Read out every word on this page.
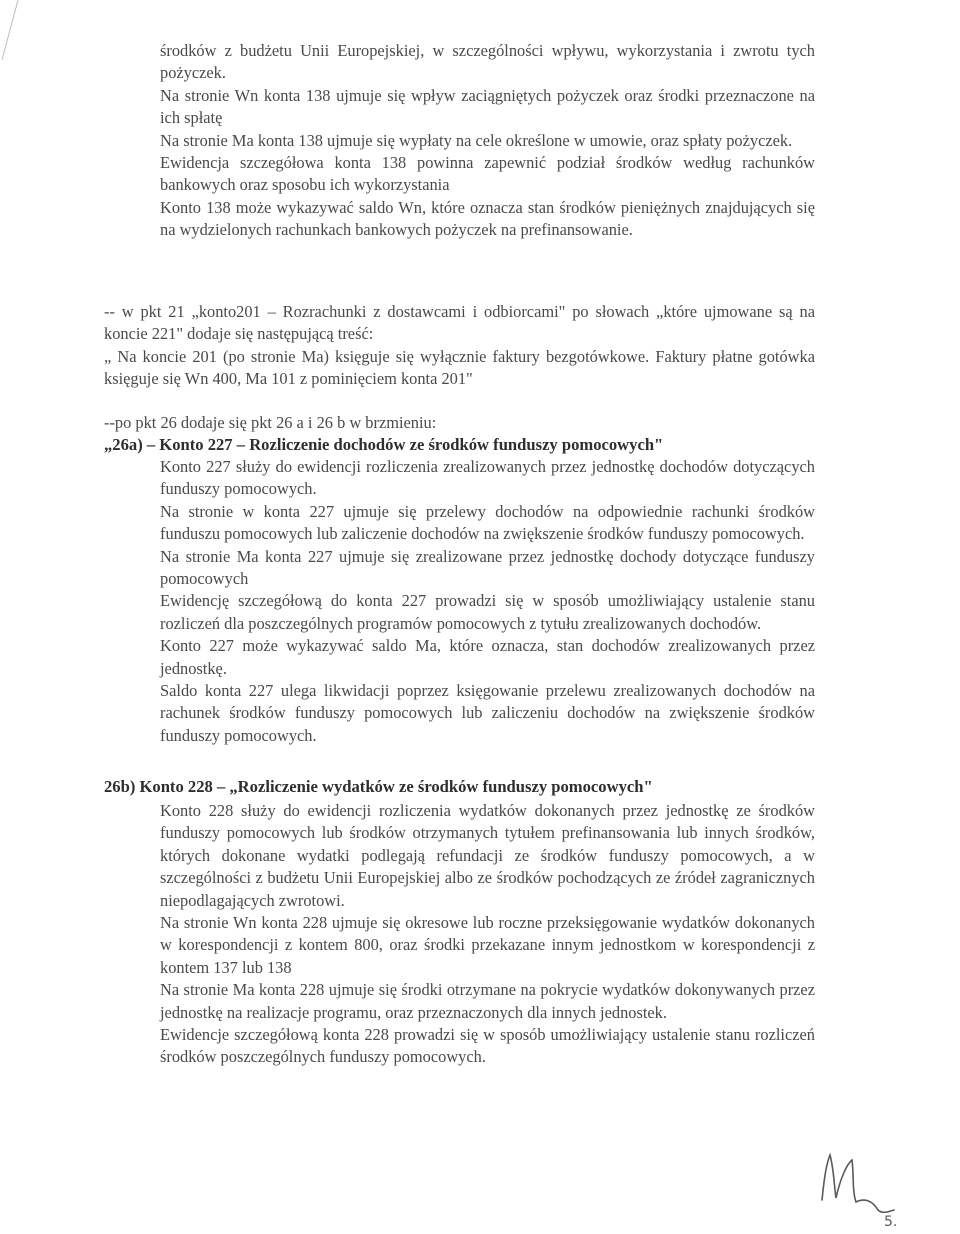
środków z budżetu Unii Europejskiej, w szczególności wpływu, wykorzystania i zwrotu tych pożyczek.

Na stronie Wn konta 138 ujmuje się wpływ zaciągniętych pożyczek oraz środki przeznaczone na ich spłatę

Na stronie Ma konta 138 ujmuje się wypłaty na cele określone w umowie, oraz spłaty pożyczek.

Ewidencja szczegółowa konta 138 powinna zapewnić podział środków według rachunków bankowych oraz sposobu ich wykorzystania

Konto 138 może wykazywać saldo Wn, które oznacza stan środków pieniężnych znajdujących się na wydzielonych rachunkach bankowych pożyczek na prefinansowanie.

-- w pkt 21 „konto201 – Rozrachunki z dostawcami i odbiorcami" po słowach „które ujmowane są na koncie 221" dodaje się następującą treść:

„ Na koncie 201 (po stronie Ma) księguje się wyłącznie faktury bezgotówkowe. Faktury płatne gotówka księguje się Wn 400, Ma 101 z pominięciem konta 201"

--po pkt 26 dodaje się pkt 26 a i 26 b w brzmieniu:

„26a) – Konto 227 – Rozliczenie dochodów ze środków funduszy pomocowych"

Konto 227 służy do ewidencji rozliczenia zrealizowanych przez jednostkę dochodów dotyczących funduszy pomocowych.

Na stronie w konta 227 ujmuje się przelewy dochodów na odpowiednie rachunki środków funduszu pomocowych lub zaliczenie dochodów na zwiększenie środków funduszy pomocowych.

Na stronie Ma konta 227 ujmuje się zrealizowane przez jednostkę dochody dotyczące funduszy pomocowych

Ewidencję szczegółową do konta 227 prowadzi się w sposób umożliwiający ustalenie stanu rozliczeń dla poszczególnych programów pomocowych z tytułu zrealizowanych dochodów.

Konto 227 może wykazywać saldo Ma, które oznacza, stan dochodów zrealizowanych przez jednostkę.

Saldo konta 227 ulega likwidacji poprzez księgowanie przelewu zrealizowanych dochodów na rachunek środków funduszy pomocowych lub zaliczeniu dochodów na zwiększenie środków funduszy pomocowych.

26b) Konto 228 – „Rozliczenie wydatków ze środków funduszy pomocowych"

Konto 228 służy do ewidencji rozliczenia wydatków dokonanych przez jednostkę ze środków funduszy pomocowych lub środków otrzymanych tytułem prefinansowania lub innych środków, których dokonane wydatki podlegają refundacji ze środków funduszy pomocowych, a w szczególności z budżetu Unii Europejskiej albo ze środków pochodzących ze źródeł zagranicznych niepodlagających zwrotowi.

Na stronie Wn konta 228 ujmuje się okresowe lub roczne przeksięgowanie wydatków dokonanych w korespondencji z kontem 800, oraz środki przekazane innym jednostkom w korespondencji z kontem 137 lub 138

Na stronie Ma konta 228 ujmuje się środki otrzymane na pokrycie wydatków dokonywanych przez jednostkę na realizacje programu, oraz przeznaczonych dla innych jednostek.

Ewidencje szczegółową konta 228 prowadzi się w sposób umożliwiający ustalenie stanu rozliczeń środków poszczególnych funduszy pomocowych.

5.
